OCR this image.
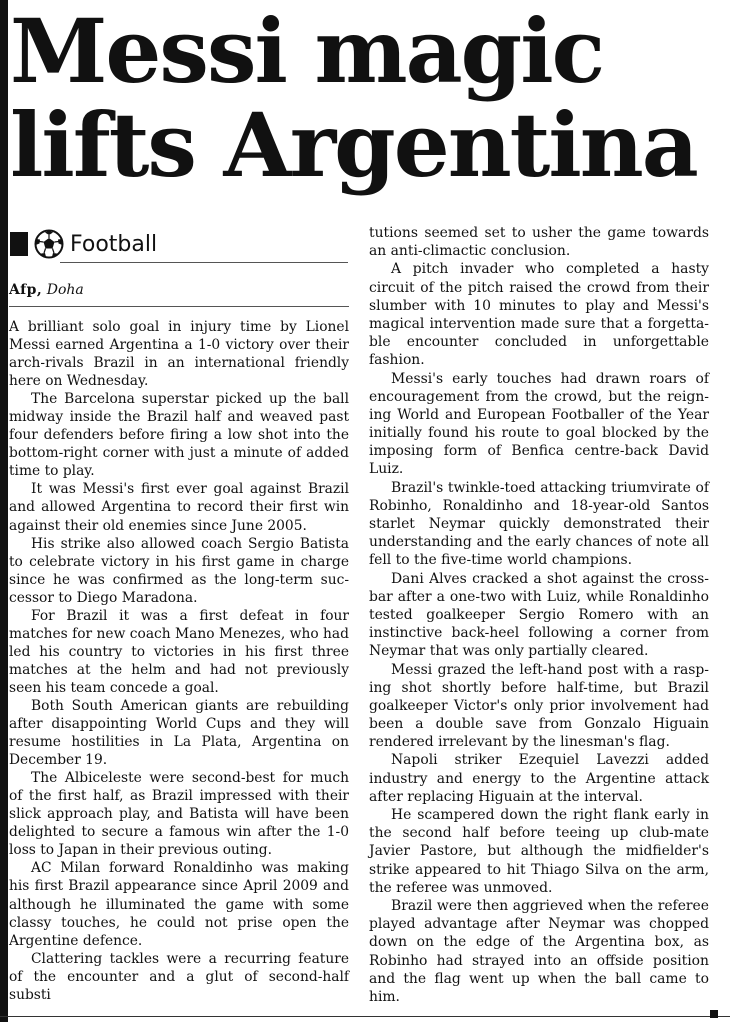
Messi magic lifts Argentina
Football
Afp, Doha

A brilliant solo goal in injury time by Lionel Messi earned Argentina a 1-0 victory over their arch-rivals Brazil in an international friendly here on Wednesday.

The Barcelona superstar picked up the ball midway inside the Brazil half and weaved past four defenders before firing a low shot into the bottom-right corner with just a minute of added time to play.

It was Messi's first ever goal against Brazil and allowed Argentina to record their first win against their old enemies since June 2005.

His strike also allowed coach Sergio Batista to celebrate victory in his first game in charge since he was confirmed as the long-term successor to Diego Maradona.

For Brazil it was a first defeat in four matches for new coach Mano Menezes, who had led his country to victories in his first three matches at the helm and had not previously seen his team concede a goal.

Both South American giants are rebuilding after disappointing World Cups and they will resume hostilities in La Plata, Argentina on December 19.

The Albiceleste were second-best for much of the first half, as Brazil impressed with their slick approach play, and Batista will have been delighted to secure a famous win after the 1-0 loss to Japan in their previous outing.

AC Milan forward Ronaldinho was making his first Brazil appearance since April 2009 and although he illuminated the game with some classy touches, he could not prise open the Argentine defence.

Clattering tackles were a recurring feature of the encounter and a glut of second-half substi

tutions seemed set to usher the game towards an anti-climactic conclusion.

A pitch invader who completed a hasty circuit of the pitch raised the crowd from their slumber with 10 minutes to play and Messi's magical intervention made sure that a forgettable encounter concluded in unforgettable fashion.

Messi's early touches had drawn roars of encouragement from the crowd, but the reigning World and European Footballer of the Year initially found his route to goal blocked by the imposing form of Benfica centre-back David Luiz.

Brazil's twinkle-toed attacking triumvirate of Robinho, Ronaldinho and 18-year-old Santos starlet Neymar quickly demonstrated their understanding and the early chances of note all fell to the five-time world champions.

Dani Alves cracked a shot against the crossbar after a one-two with Luiz, while Ronaldinho tested goalkeeper Sergio Romero with an instinctive back-heel following a corner from Neymar that was only partially cleared.

Messi grazed the left-hand post with a rasping shot shortly before half-time, but Brazil goalkeeper Victor's only prior involvement had been a double save from Gonzalo Higuain rendered irrelevant by the linesman's flag.

Napoli striker Ezequiel Lavezzi added industry and energy to the Argentine attack after replacing Higuain at the interval.

He scampered down the right flank early in the second half before teeing up club-mate Javier Pastore, but although the midfielder's strike appeared to hit Thiago Silva on the arm, the referee was unmoved.

Brazil were then aggrieved when the referee played advantage after Neymar was chopped down on the edge of the Argentina box, as Robinho had strayed into an offside position and the flag went up when the ball came to him.
